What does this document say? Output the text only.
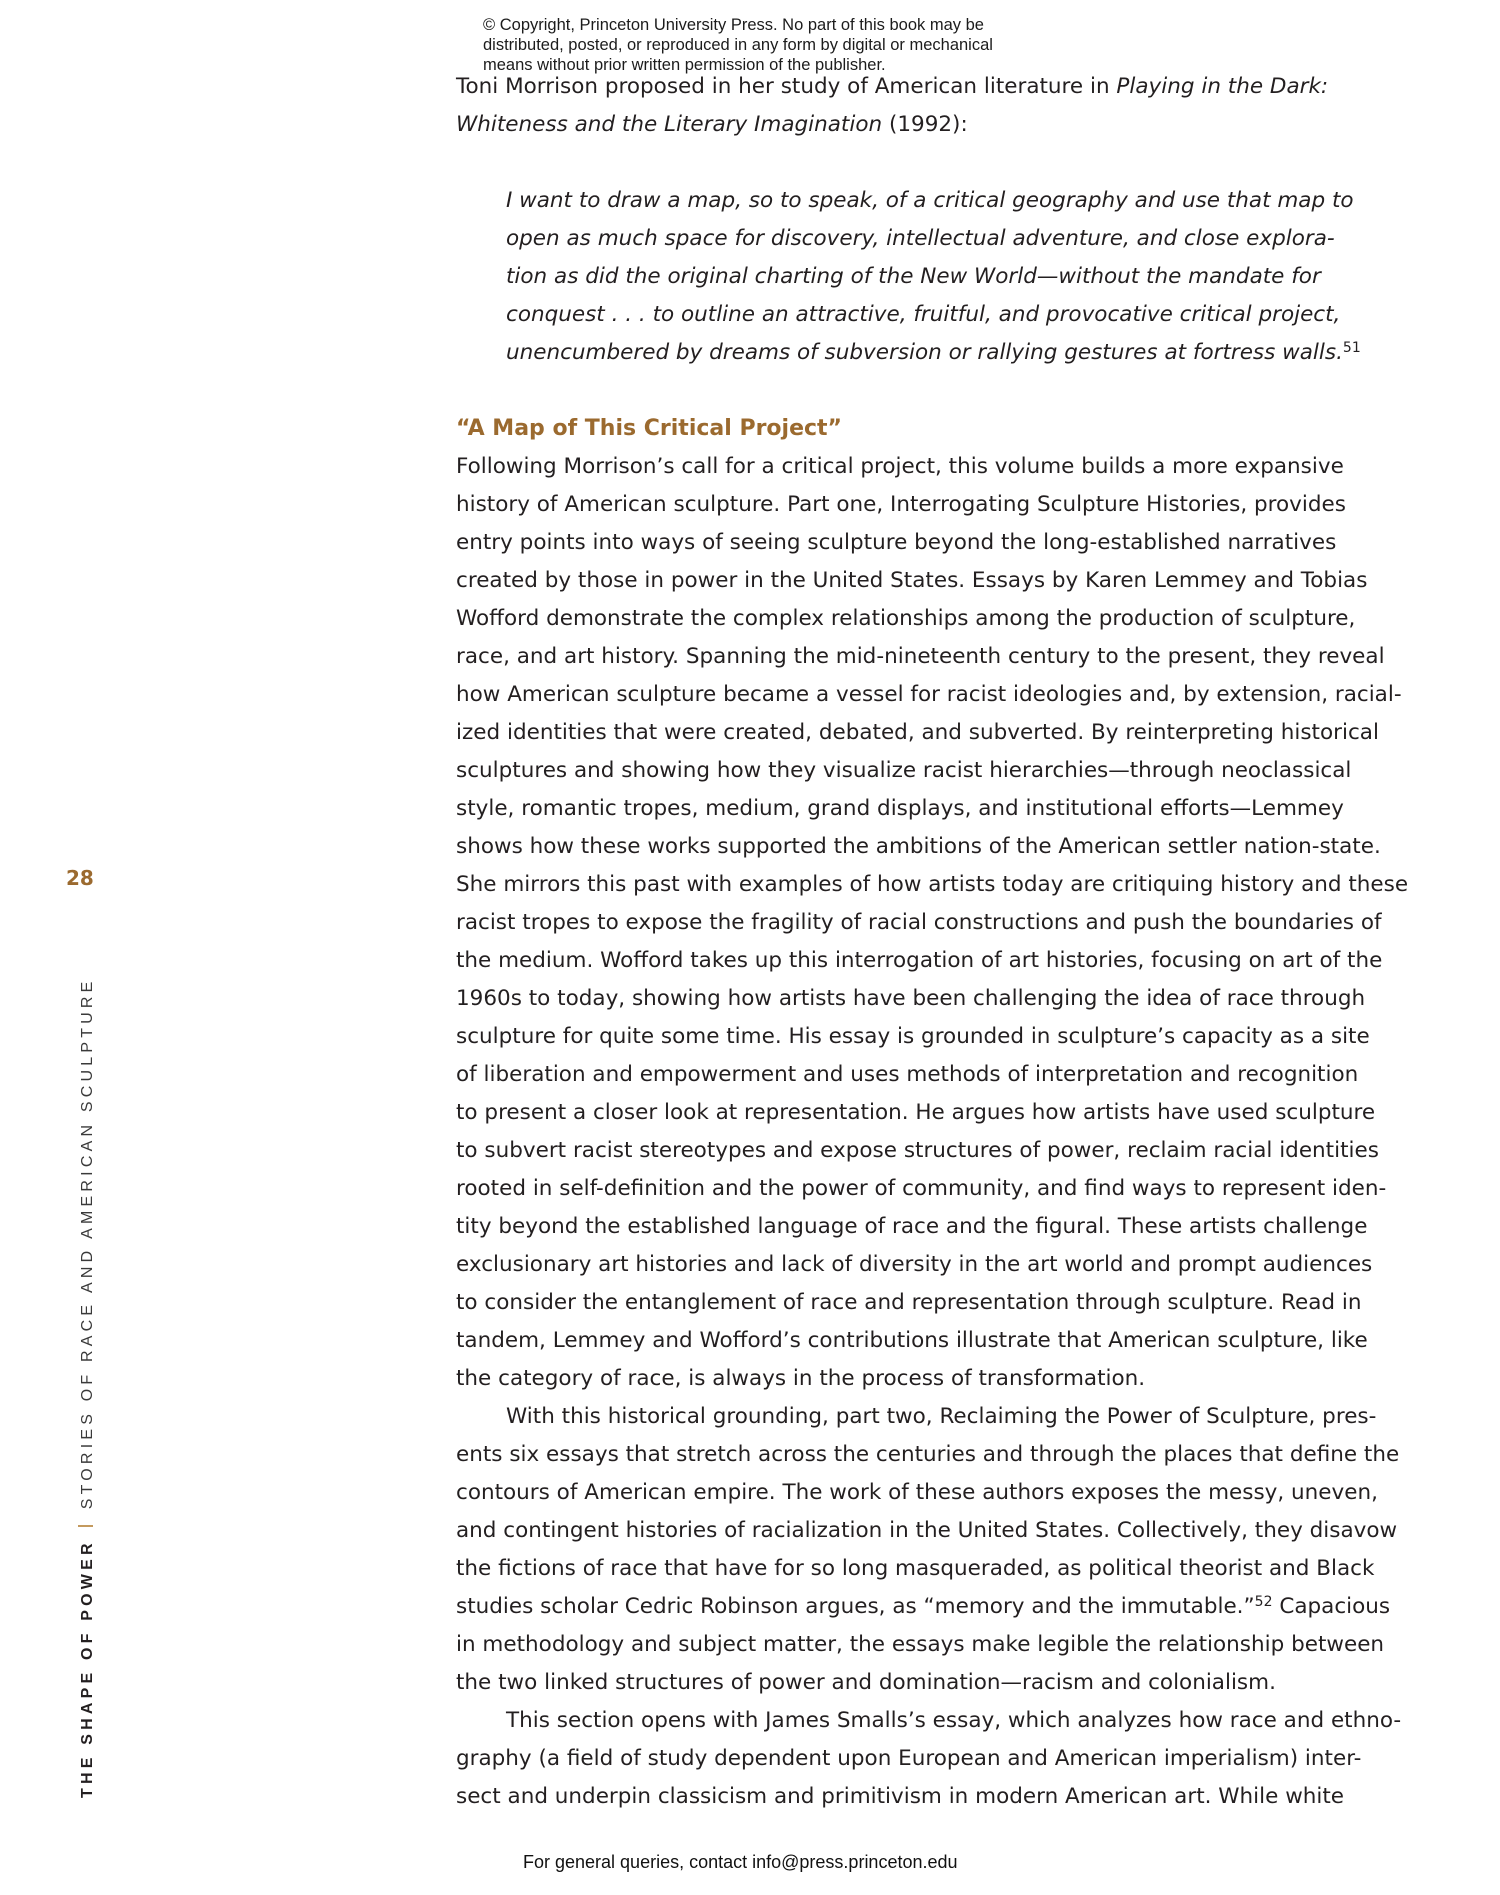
© Copyright, Princeton University Press. No part of this book may be
distributed, posted, or reproduced in any form by digital or mechanical
means without prior written permission of the publisher.
Toni Morrison proposed in her study of American literature in Playing in the Dark:
Whiteness and the Literary Imagination (1992):
I want to draw a map, so to speak, of a critical geography and use that map to
open as much space for discovery, intellectual adventure, and close explora-
tion as did the original charting of the New World—without the mandate for
conquest . . . to outline an attractive, fruitful, and provocative critical project,
unencumbered by dreams of subversion or rallying gestures at fortress walls.$^{51}$
“A Map of This Critical Project”
Following Morrison’s call for a critical project, this volume builds a more expansive
history of American sculpture. Part one, Interrogating Sculpture Histories, provides
entry points into ways of seeing sculpture beyond the long-established narratives
created by those in power in the United States. Essays by Karen Lemmey and Tobias
Wofford demonstrate the complex relationships among the production of sculpture,
race, and art history. Spanning the mid-nineteenth century to the present, they reveal
how American sculpture became a vessel for racist ideologies and, by extension, racial-
ized identities that were created, debated, and subverted. By reinterpreting historical
sculptures and showing how they visualize racist hierarchies—through neoclassical
style, romantic tropes, medium, grand displays, and institutional efforts—Lemmey
shows how these works supported the ambitions of the American settler nation-state.
She mirrors this past with examples of how artists today are critiquing history and these
racist tropes to expose the fragility of racial constructions and push the boundaries of
the medium. Wofford takes up this interrogation of art histories, focusing on art of the
1960s to today, showing how artists have been challenging the idea of race through
sculpture for quite some time. His essay is grounded in sculpture’s capacity as a site
of liberation and empowerment and uses methods of interpretation and recognition
to present a closer look at representation. He argues how artists have used sculpture
to subvert racist stereotypes and expose structures of power, reclaim racial identities
rooted in self-definition and the power of community, and find ways to represent iden-
tity beyond the established language of race and the figural. These artists challenge
exclusionary art histories and lack of diversity in the art world and prompt audiences
to consider the entanglement of race and representation through sculpture. Read in
tandem, Lemmey and Wofford’s contributions illustrate that American sculpture, like
the category of race, is always in the process of transformation.
With this historical grounding, part two, Reclaiming the Power of Sculpture, pres-
ents six essays that stretch across the centuries and through the places that define the
contours of American empire. The work of these authors exposes the messy, uneven,
and contingent histories of racialization in the United States. Collectively, they disavow
the fictions of race that have for so long masqueraded, as political theorist and Black
studies scholar Cedric Robinson argues, as “memory and the immutable.”$^{52}$ Capacious
in methodology and subject matter, the essays make legible the relationship between
the two linked structures of power and domination—racism and colonialism.
This section opens with James Smalls’s essay, which analyzes how race and ethno-
graphy (a field of study dependent upon European and American imperialism) inter-
sect and underpin classicism and primitivism in modern American art. While white
28
THE SHAPE OF POWERSTORIES OF RACE AND AMERICAN SCULPTURE
For general queries, contact info@press.princeton.edu
